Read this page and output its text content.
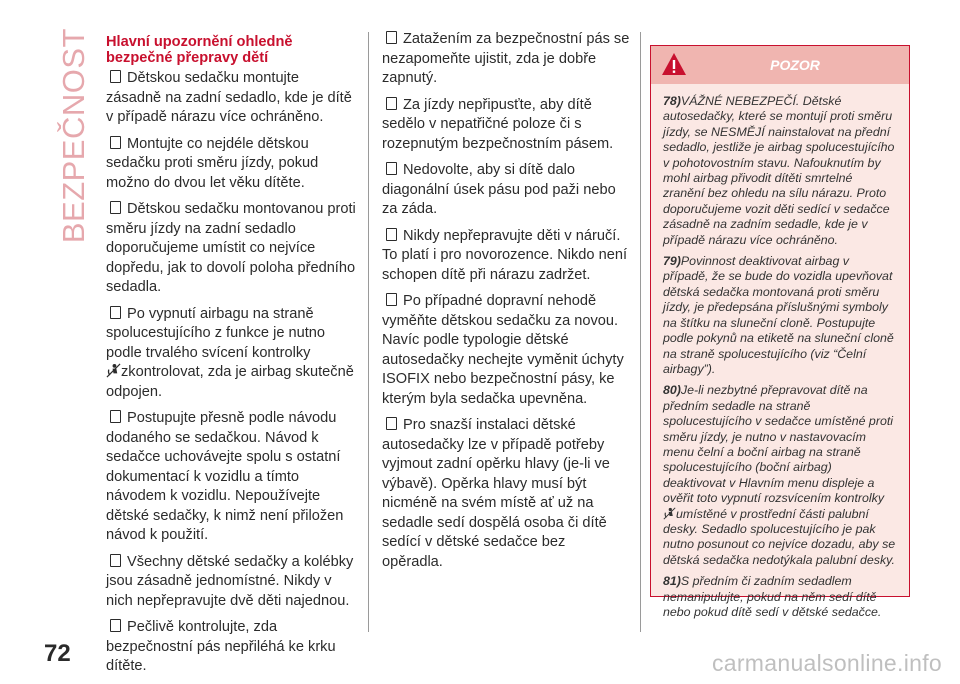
BEZPEČNOST
72
Hlavní upozornění ohledně bezpečné přepravy dětí

Dětskou sedačku montujte zásadně na zadní sedadlo, kde je dítě v případě nárazu více ochráněno.

Montujte co nejdéle dětskou sedačku proti směru jízdy, pokud možno do dvou let věku dítěte.

Dětskou sedačku montovanou proti směru jízdy na zadní sedadlo doporučujeme umístit co nejvíce dopředu, jak to dovolí poloha předního sedadla.

Po vypnutí airbagu na straně spolucestujícího z funkce je nutno podle trvalého svícení kontrolky
zkontrolovat, zda je airbag skutečně odpojen.

Postupujte přesně podle návodu dodaného se sedačkou. Návod k sedačce uchovávejte spolu s ostatní dokumentací k vozidlu a tímto návodem k vozidlu. Nepoužívejte dětské sedačky, k nimž není přiložen návod k použití.

Všechny dětské sedačky a kolébky jsou zásadně jednomístné. Nikdy v nich nepřepravujte dvě děti najednou.

Pečlivě kontrolujte, zda bezpečnostní pás nepřiléhá ke krku dítěte.

Zatažením za bezpečnostní pás se nezapomeňte ujistit, zda je dobře zapnutý.

Za jízdy nepřipusťte, aby dítě sedělo v nepatřičné poloze či s rozepnutým bezpečnostním pásem.

Nedovolte, aby si dítě dalo diagonální úsek pásu pod paži nebo za záda.

Nikdy nepřepravujte děti v náručí. To platí i pro novorozence. Nikdo není schopen dítě při nárazu zadržet.

Po případné dopravní nehodě vyměňte dětskou sedačku za novou. Navíc podle typologie dětské autosedačky nechejte vyměnit úchyty ISOFIX nebo bezpečnostní pásy, ke kterým byla sedačka upevněna.

Pro snazší instalaci dětské autosedačky lze v případě potřeby vyjmout zadní opěrku hlavy (je-li ve výbavě). Opěrka hlavy musí být nicméně na svém místě ať už na sedadle sedí dospělá osoba či dítě sedící v dětské sedačce bez opěradla.

POZOR

78)VÁŽNÉ NEBEZPEČÍ. Dětské autosedačky, které se montují proti směru jízdy, se NESMĚJÍ nainstalovat na přední sedadlo, jestliže je airbag spolucestujícího v pohotovostním stavu. Nafouknutím by mohl airbag přivodit dítěti smrtelné zranění bez ohledu na sílu nárazu. Proto doporučujeme vozit děti sedící v sedačce zásadně na zadním sedadle, kde je v případě nárazu více ochráněno.

79)Povinnost deaktivovat airbag v případě, že se bude do vozidla upevňovat dětská sedačka montovaná proti směru jízdy, je předepsána příslušnými symboly na štítku na sluneční cloně. Postupujte podle pokynů na etiketě na sluneční cloně na straně spolucestujícího (viz “Čelní airbagy”).

80)Je-li nezbytné přepravovat dítě na předním sedadle na straně spolucestujícího v sedačce umístěné proti směru jízdy, je nutno v nastavovacím menu čelní a boční airbag na straně spolucestujícího (boční airbag) deaktivovat v Hlavním menu displeje a ověřit toto vypnutí rozsvícením kontrolkyumístěné v prostřední části palubní desky. Sedadlo spolucestujícího je pak nutno posunout co nejvíce dozadu, aby se dětská sedačka nedotýkala palubní desky.

81)S předním či zadním sedadlem nemanipulujte, pokud na něm sedí dítě nebo pokud dítě sedí v dětské sedačce.

carmanualsonline.info
